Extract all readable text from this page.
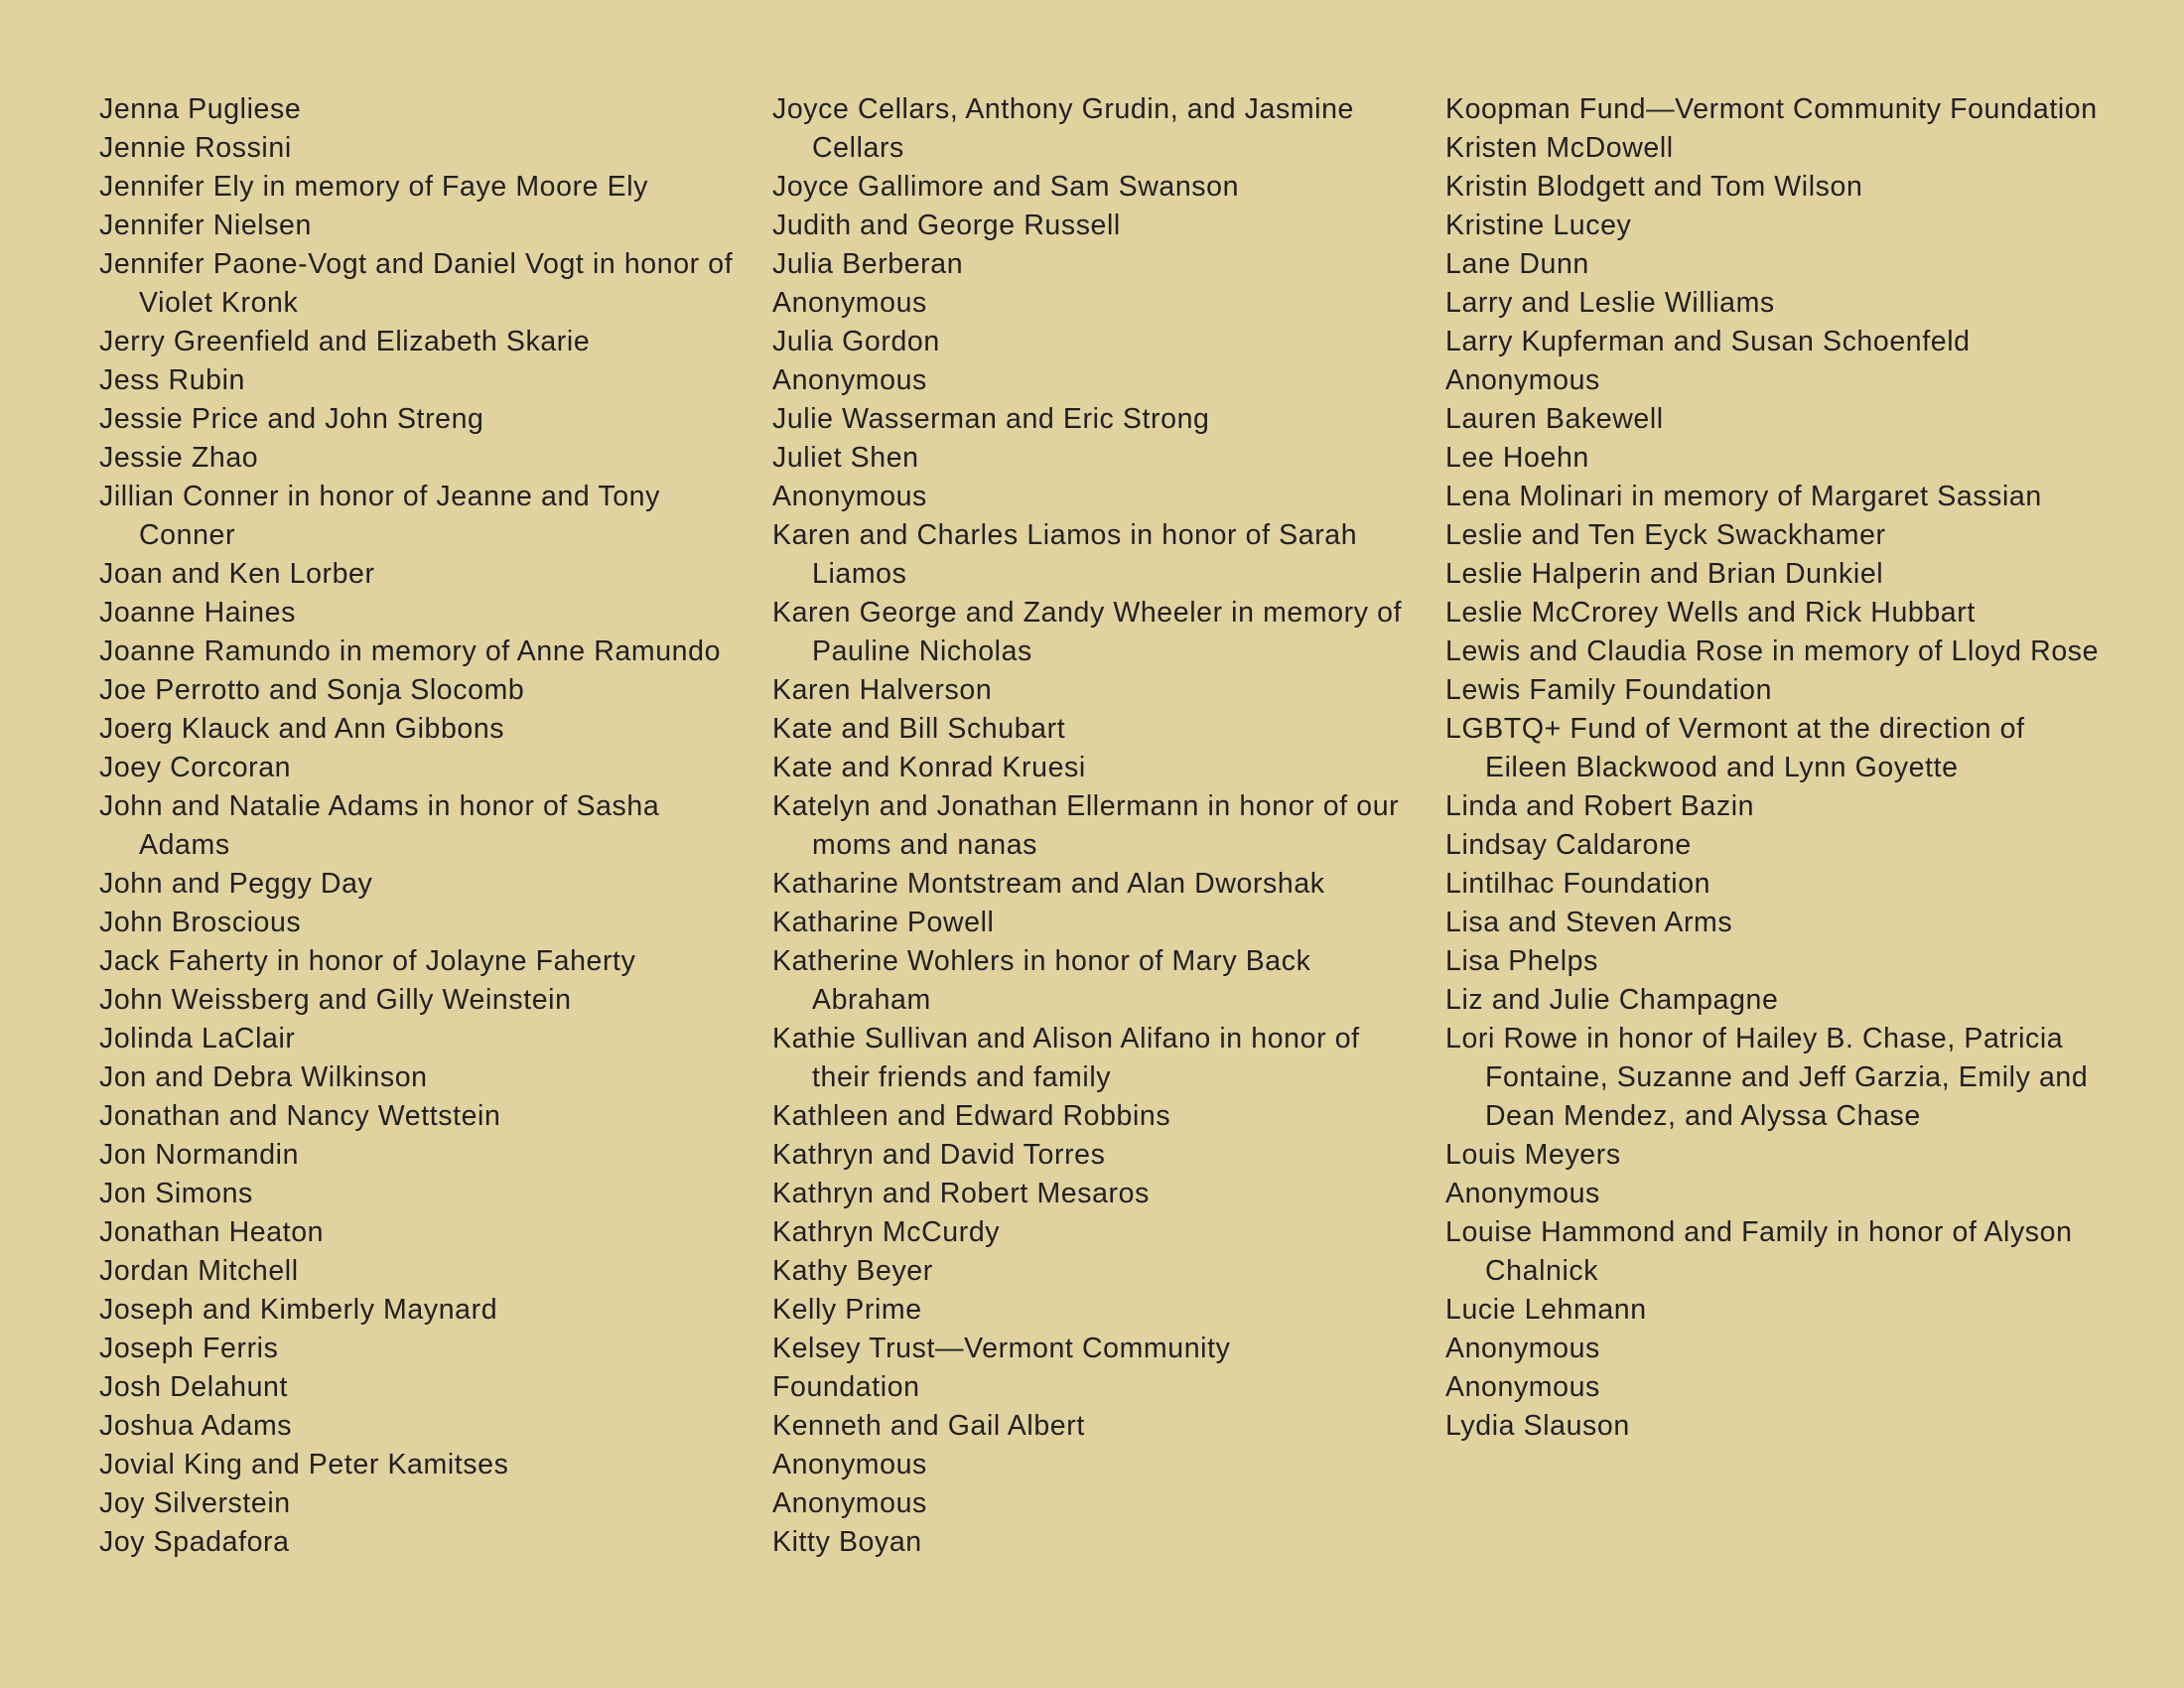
Jenna Pugliese
Jennie Rossini
Jennifer Ely in memory of Faye Moore Ely
Jennifer Nielsen
Jennifer Paone-Vogt and Daniel Vogt in honor of Violet Kronk
Jerry Greenfield and Elizabeth Skarie
Jess Rubin
Jessie Price and John Streng
Jessie Zhao
Jillian Conner in honor of Jeanne and Tony Conner
Joan and Ken Lorber
Joanne Haines
Joanne Ramundo in memory of Anne Ramundo
Joe Perrotto and Sonja Slocomb
Joerg Klauck and Ann Gibbons
Joey Corcoran
John and Natalie Adams in honor of Sasha Adams
John and Peggy Day
John Broscious
Jack Faherty in honor of Jolayne Faherty
John Weissberg and Gilly Weinstein
Jolinda LaClair
Jon and Debra Wilkinson
Jonathan and Nancy Wettstein
Jon Normandin
Jon Simons
Jonathan Heaton
Jordan Mitchell
Joseph and Kimberly Maynard
Joseph Ferris
Josh Delahunt
Joshua Adams
Jovial King and Peter Kamitses
Joy Silverstein
Joy Spadafora
Joyce Cellars, Anthony Grudin, and Jasmine Cellars
Joyce Gallimore and Sam Swanson
Judith and George Russell
Julia Berberan
Anonymous
Julia Gordon
Anonymous
Julie Wasserman and Eric Strong
Juliet Shen
Anonymous
Karen and Charles Liamos in honor of Sarah Liamos
Karen George and Zandy Wheeler in memory of Pauline Nicholas
Karen Halverson
Kate and Bill Schubart
Kate and Konrad Kruesi
Katelyn and Jonathan Ellermann in honor of our moms and nanas
Katharine Montstream and Alan Dworshak
Katharine Powell
Katherine Wohlers in honor of Mary Back Abraham
Kathie Sullivan and Alison Alifano in honor of their friends and family
Kathleen and Edward Robbins
Kathryn and David Torres
Kathryn and Robert Mesaros
Kathryn McCurdy
Kathy Beyer
Kelly Prime
Kelsey Trust—Vermont Community
Foundation
Kenneth and Gail Albert
Anonymous
Anonymous
Kitty Boyan
Koopman Fund—Vermont Community Foundation
Kristen McDowell
Kristin Blodgett and Tom Wilson
Kristine Lucey
Lane Dunn
Larry and Leslie Williams
Larry Kupferman and Susan Schoenfeld
Anonymous
Lauren Bakewell
Lee Hoehn
Lena Molinari in memory of Margaret Sassian
Leslie and Ten Eyck Swackhamer
Leslie Halperin and Brian Dunkiel
Leslie McCrorey Wells and Rick Hubbart
Lewis and Claudia Rose in memory of Lloyd Rose
Lewis Family Foundation
LGBTQ+ Fund of Vermont at the direction of Eileen Blackwood and Lynn Goyette
Linda and Robert Bazin
Lindsay Caldarone
Lintilhac Foundation
Lisa and Steven Arms
Lisa Phelps
Liz and Julie Champagne
Lori Rowe in honor of Hailey B. Chase, Patricia Fontaine, Suzanne and Jeff Garzia, Emily and Dean Mendez, and Alyssa Chase
Louis Meyers
Anonymous
Louise Hammond and Family in honor of Alyson Chalnick
Lucie Lehmann
Anonymous
Anonymous
Lydia Slauson
